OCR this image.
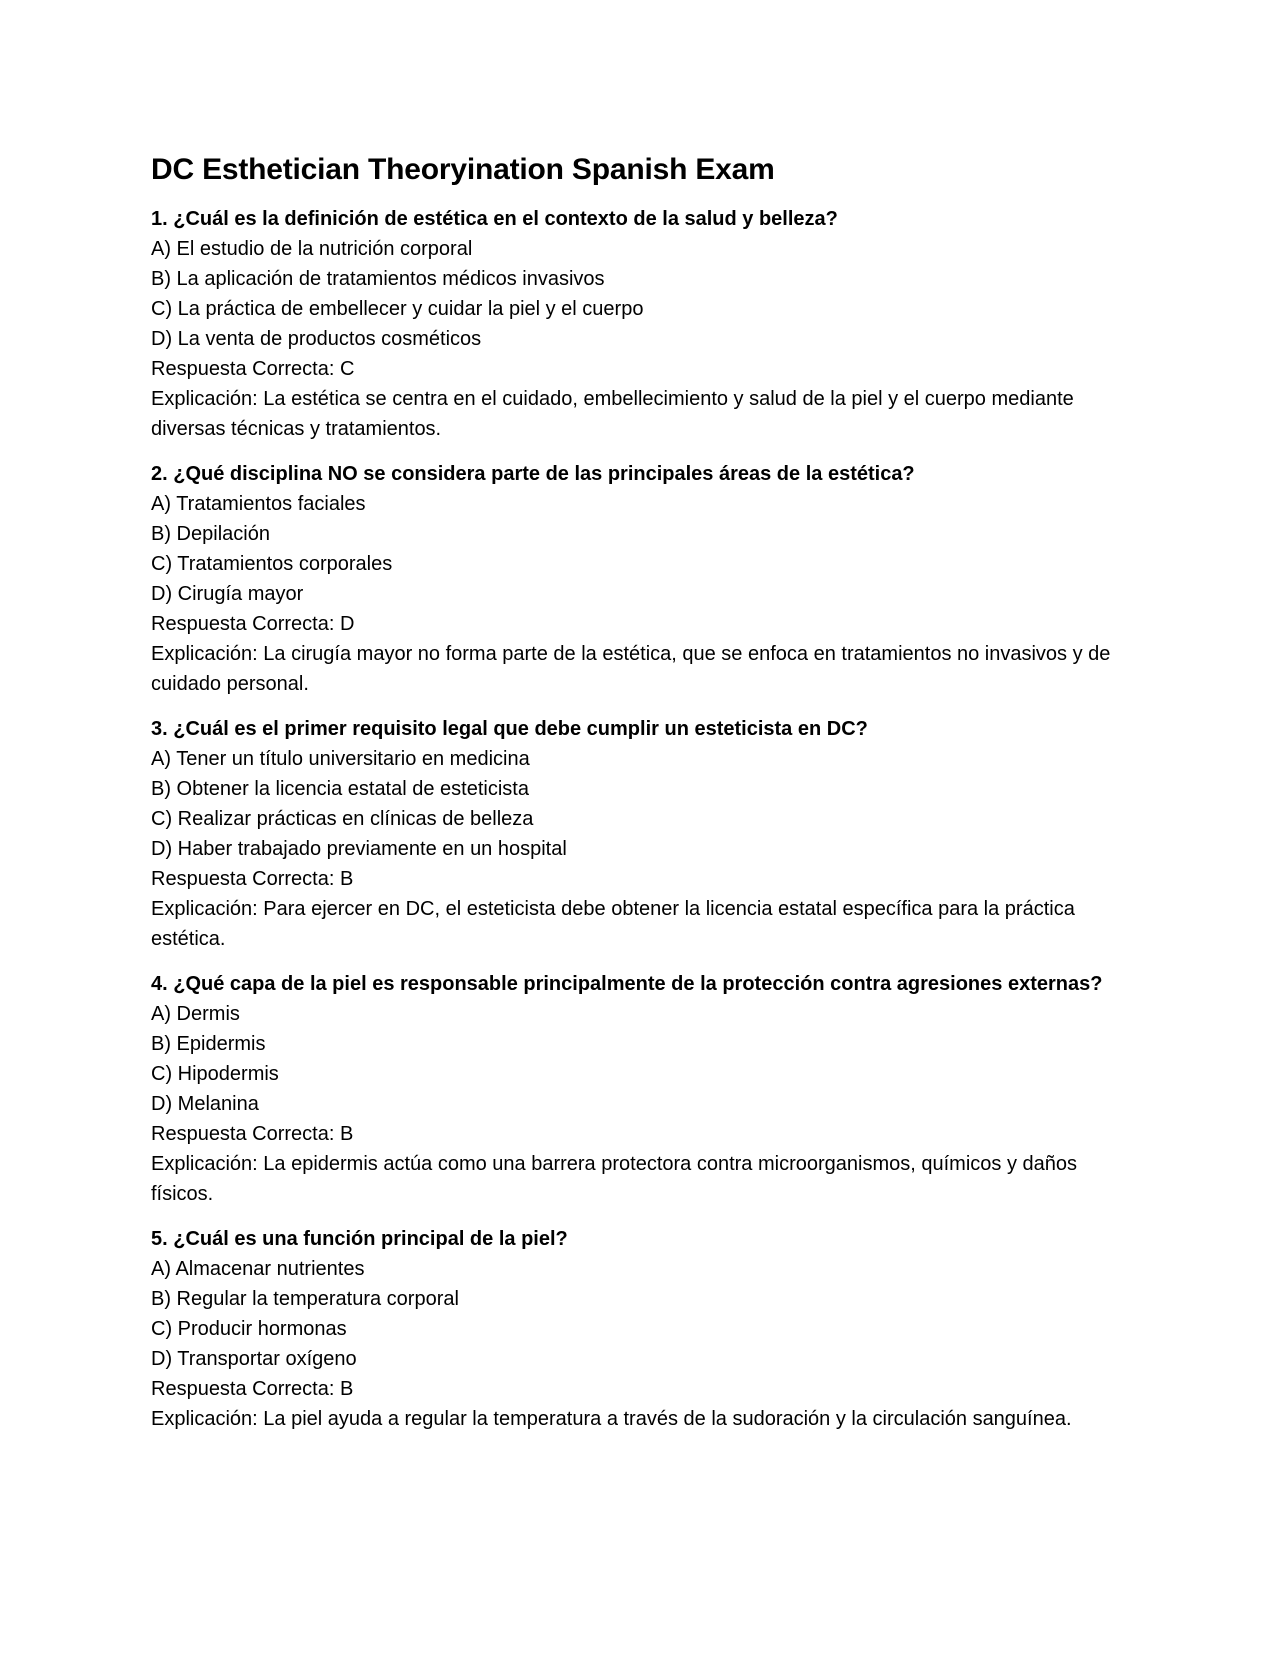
DC Esthetician Theoryination Spanish Exam

1. ¿Cuál es la definición de estética en el contexto de la salud y belleza?

A) El estudio de la nutrición corporal
B) La aplicación de tratamientos médicos invasivos
C) La práctica de embellecer y cuidar la piel y el cuerpo
D) La venta de productos cosméticos

Respuesta Correcta: C

Explicación: La estética se centra en el cuidado, embellecimiento y salud de la piel y el cuerpo mediante diversas técnicas y tratamientos.

2. ¿Qué disciplina NO se considera parte de las principales áreas de la estética?

A) Tratamientos faciales
B) Depilación
C) Tratamientos corporales
D) Cirugía mayor

Respuesta Correcta: D

Explicación: La cirugía mayor no forma parte de la estética, que se enfoca en tratamientos no invasivos y de cuidado personal.

3. ¿Cuál es el primer requisito legal que debe cumplir un esteticista en DC?

A) Tener un título universitario en medicina
B) Obtener la licencia estatal de esteticista
C) Realizar prácticas en clínicas de belleza
D) Haber trabajado previamente en un hospital

Respuesta Correcta: B

Explicación: Para ejercer en DC, el esteticista debe obtener la licencia estatal específica para la práctica estética.

4. ¿Qué capa de la piel es responsable principalmente de la protección contra agresiones externas?

A) Dermis
B) Epidermis
C) Hipodermis
D) Melanina

Respuesta Correcta: B

Explicación: La epidermis actúa como una barrera protectora contra microorganismos, químicos y daños físicos.

5. ¿Cuál es una función principal de la piel?

A) Almacenar nutrientes
B) Regular la temperatura corporal
C) Producir hormonas
D) Transportar oxígeno

Respuesta Correcta: B

Explicación: La piel ayuda a regular la temperatura a través de la sudoración y la circulación sanguínea.
